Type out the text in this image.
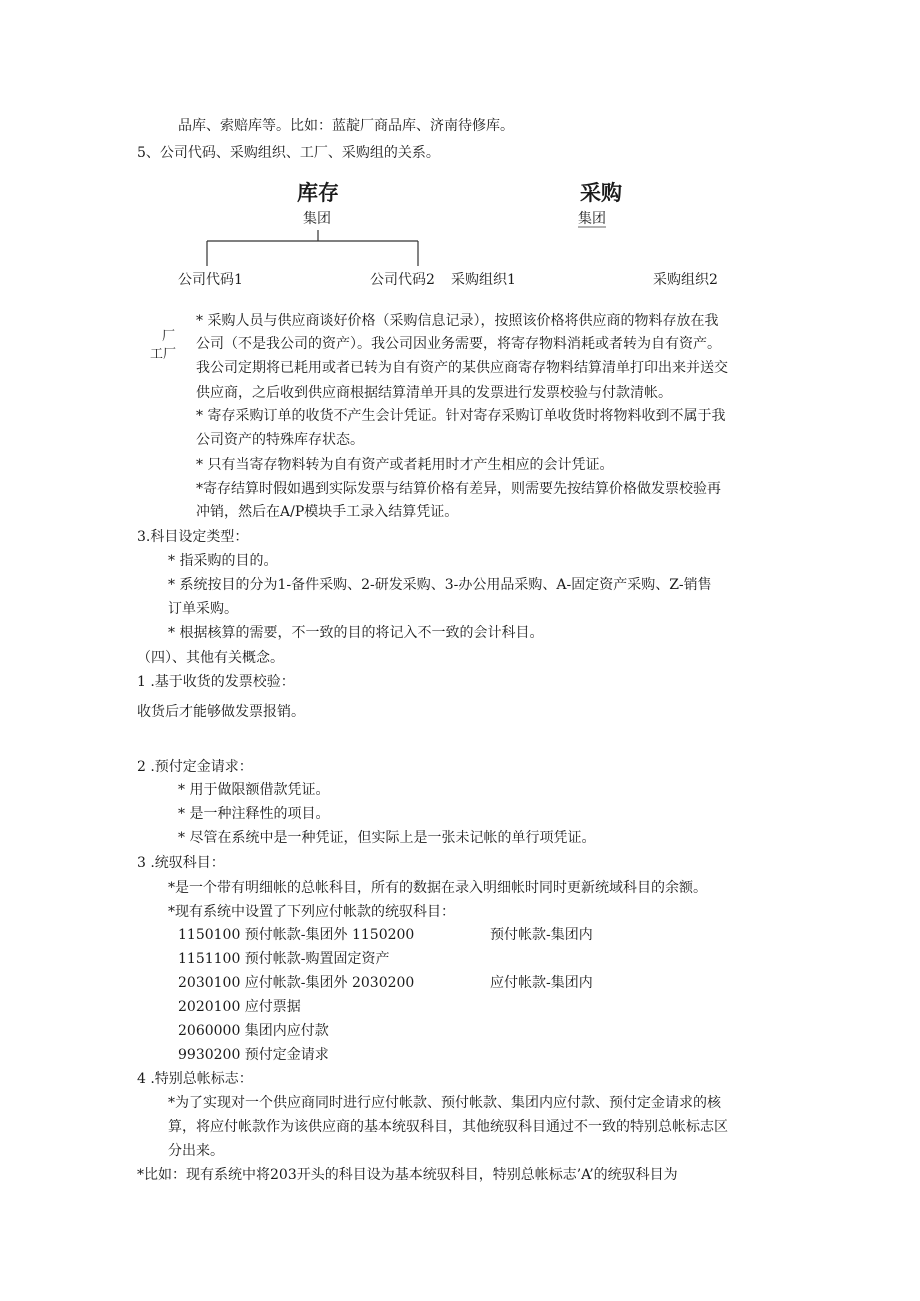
品库、索赔库等。比如：蓝靛厂商品库、济南待修库。
5、公司代码、采购组织、工厂、采购组的关系。
库存	采购
集团	集团
公司代码1	公司代码2 采购组织1	采购组织2
厂
工厂
* 采购人员与供应商谈好价格（采购信息记录），按照该价格将供应商的物料存放在我
公司（不是我公司的资产）。我公司因业务需要，将寄存物料消耗或者转为自有资产。
我公司定期将已耗用或者已转为自有资产的某供应商寄存物料结算清单打印出来并送交
供应商，之后收到供应商根据结算清单开具的发票进行发票校验与付款清帐。
* 寄存采购订单的收货不产生会计凭证。针对寄存采购订单收货时将物料收到不属于我
公司资产的特殊库存状态。
* 只有当寄存物料转为自有资产或者耗用时才产生相应的会计凭证。
*寄存结算时假如遇到实际发票与结算价格有差异，则需要先按结算价格做发票校验再
冲销，然后在A/P模块手工录入结算凭证。
3.科目设定类型：
* 指采购的目的。
* 系统按目的分为1-备件采购、2-研发采购、3-办公用品采购、A-固定资产采购、Z-销售
订单采购。
* 根据核算的需要，不一致的目的将记入不一致的会计科目。
（四）、其他有关概念。
1 .基于收货的发票校验：
收货后才能够做发票报销。
2 .预付定金请求：
* 用于做限额借款凭证。
* 是一种注释性的项目。
* 尽管在系统中是一种凭证，但实际上是一张未记帐的单行项凭证。
3 .统驭科目：
*是一个带有明细帐的总帐科目，所有的数据在录入明细帐时同时更新统域科目的余额。
*现有系统中设置了下列应付帐款的统驭科目：
1150100 预付帐款-集团外 1150200	预付帐款-集团内
1151100 预付帐款-购置固定资产
2030100 应付帐款-集团外 2030200	应付帐款-集团内
2020100 应付票据
2060000 集团内应付款
9930200 预付定金请求
4 .特别总帐标志：
*为了实现对一个供应商同时进行应付帐款、预付帐款、集团内应付款、预付定金请求的核
算，将应付帐款作为该供应商的基本统驭科目，其他统驭科目通过不一致的特别总帐标志区
分出来。
*比如：现有系统中将203开头的科目设为基本统驭科目，特别总帐标志’A’的统驭科目为
